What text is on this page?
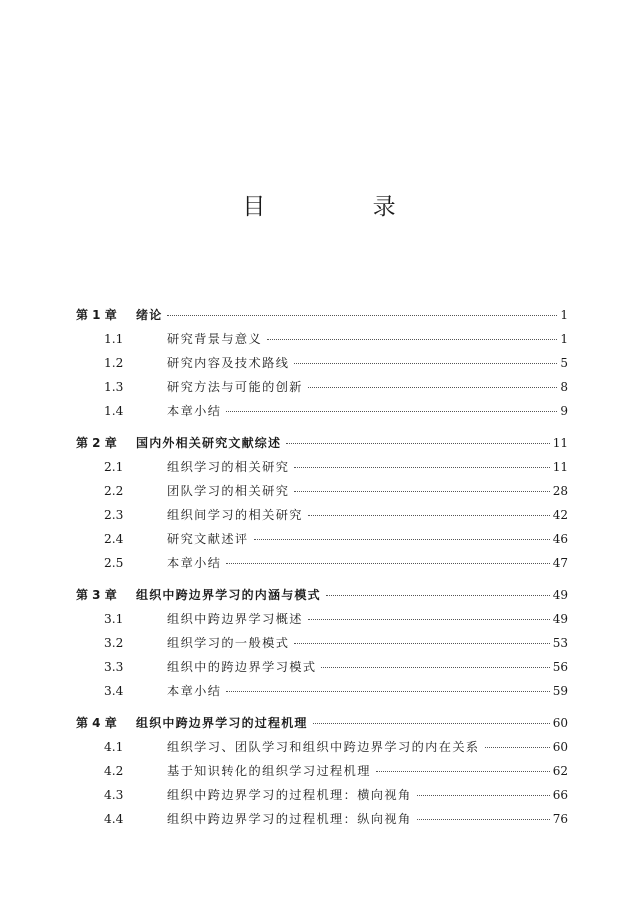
目 录
第 1 章	绪论	1
1.1	研究背景与意义	1
1.2	研究内容及技术路线	5
1.3	研究方法与可能的创新	8
1.4	本章小结	9
第 2 章	国内外相关研究文献综述	11
2.1	组织学习的相关研究	11
2.2	团队学习的相关研究	28
2.3	组织间学习的相关研究	42
2.4	研究文献述评	46
2.5	本章小结	47
第 3 章	组织中跨边界学习的内涵与模式	49
3.1	组织中跨边界学习概述	49
3.2	组织学习的一般模式	53
3.3	组织中的跨边界学习模式	56
3.4	本章小结	59
第 4 章	组织中跨边界学习的过程机理	60
4.1	组织学习、团队学习和组织中跨边界学习的内在关系	60
4.2	基于知识转化的组织学习过程机理	62
4.3	组织中跨边界学习的过程机理：横向视角	66
4.4	组织中跨边界学习的过程机理：纵向视角	76
